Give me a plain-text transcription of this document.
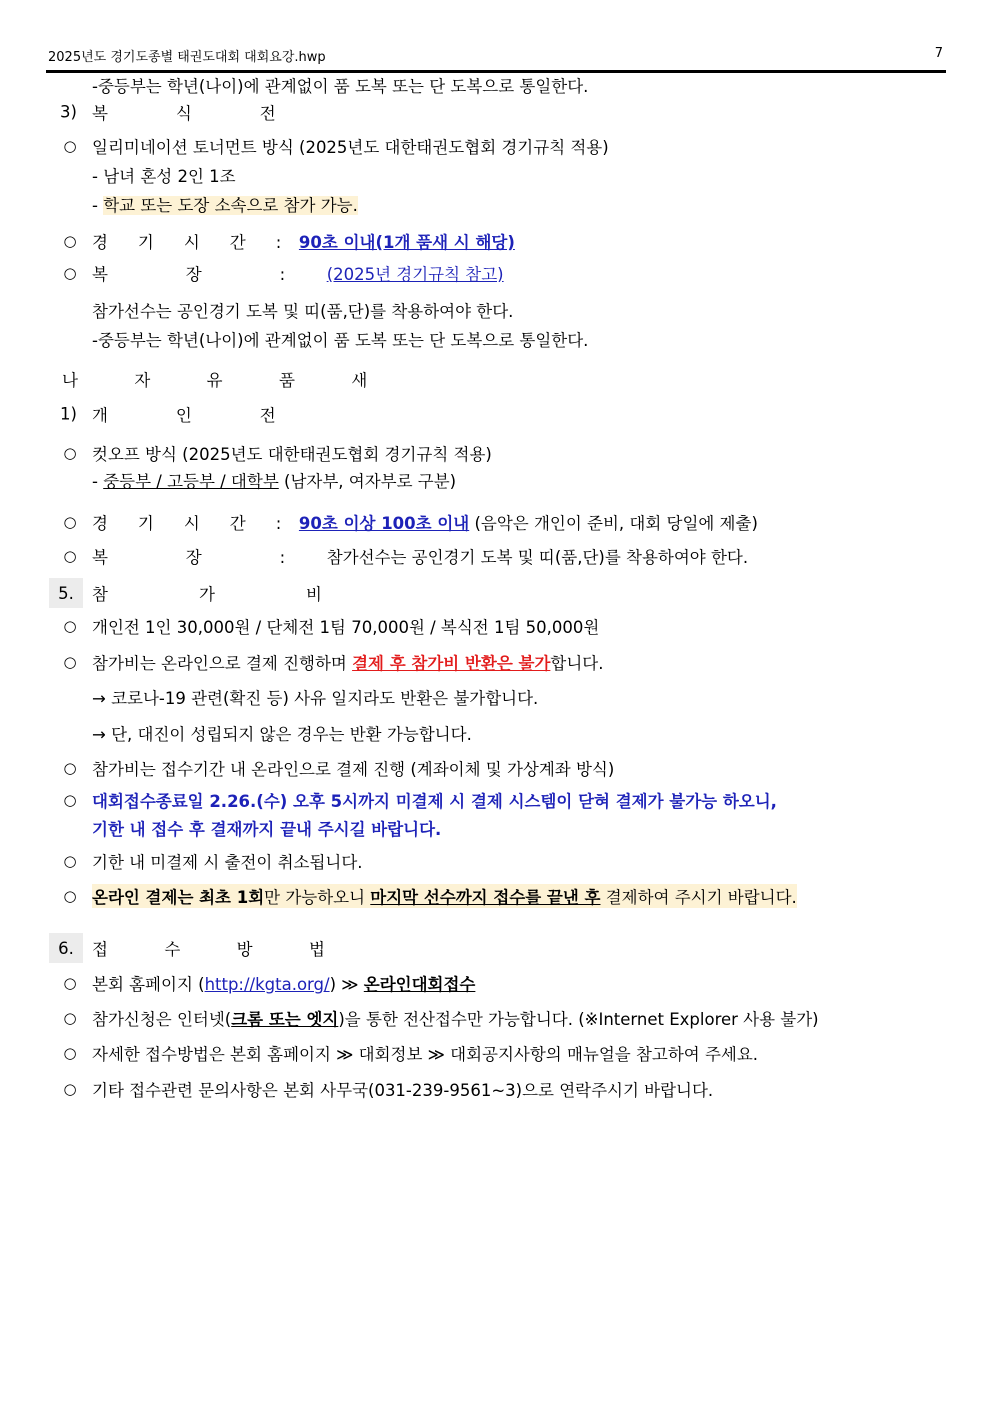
2025년도 경기도종별 태권도대회 대회요강.hwp	7
-중등부는 학년(나이)에 관계없이 품 도복 또는 단 도복으로 통일한다.
3) 복 식 전
○ 일리미네이션 토너먼트 방식 (2025년도 대한태권도협회 경기규칙 적용)
- 남녀 혼성 2인 1조
- 학교 또는 도장 소속으로 참가 가능.
○ 경 기 시 간 : 90초 이내(1개 품새 시 해당)
○ 복 장 : (2025년 경기규칙 참고)
참가선수는 공인경기 도복 및 띠(품,단)를 착용하여야 한다.
-중등부는 학년(나이)에 관계없이 품 도복 또는 단 도복으로 통일한다.
나 자 유 품 새
1) 개 인 전
○ 컷오프 방식 (2025년도 대한태권도협회 경기규칙 적용)
- 중등부 / 고등부 / 대학부 (남자부, 여자부로 구분)
○ 경 기 시 간 : 90초 이상 100초 이내 (음악은 개인이 준비, 대회 당일에 제출)
○ 복 장 : 참가선수는 공인경기 도복 및 띠(품,단)를 착용하여야 한다.
5.	참 가 비
○ 개인전 1인 30,000원 / 단체전 1팀 70,000원 / 복식전 1팀 50,000원
○ 참가비는 온라인으로 결제 진행하며 결제 후 참가비 반환은 불가합니다.
→ 코로나-19 관련(확진 등) 사유 일지라도 반환은 불가합니다.
→ 단, 대진이 성립되지 않은 경우는 반환 가능합니다.
○ 참가비는 접수기간 내 온라인으로 결제 진행 (계좌이체 및 가상계좌 방식)
○ 대회접수종료일 2.26.(수) 오후 5시까지 미결제 시 결제 시스템이 닫혀 결제가 불가능 하오니,
기한 내 접수 후 결재까지 끝내 주시길 바랍니다.
○ 기한 내 미결제 시 출전이 취소됩니다.
○ 온라인 결제는 최초 1회만 가능하오니 마지막 선수까지 접수를 끝낸 후 결제하여 주시기 바랍니다.
6.	접 수 방 법
○ 본회 홈페이지 (http://kgta.org/) ≫ 온라인대회접수
○ 참가신청은 인터넷(크롬 또는 엣지)을 통한 전산접수만 가능합니다. (※Internet Explorer 사용 불가)
○ 자세한 접수방법은 본회 홈페이지 ≫ 대회정보 ≫ 대회공지사항의 매뉴얼을 참고하여 주세요.
○ 기타 접수관련 문의사항은 본회 사무국(031-239-9561~3)으로 연락주시기 바랍니다.
